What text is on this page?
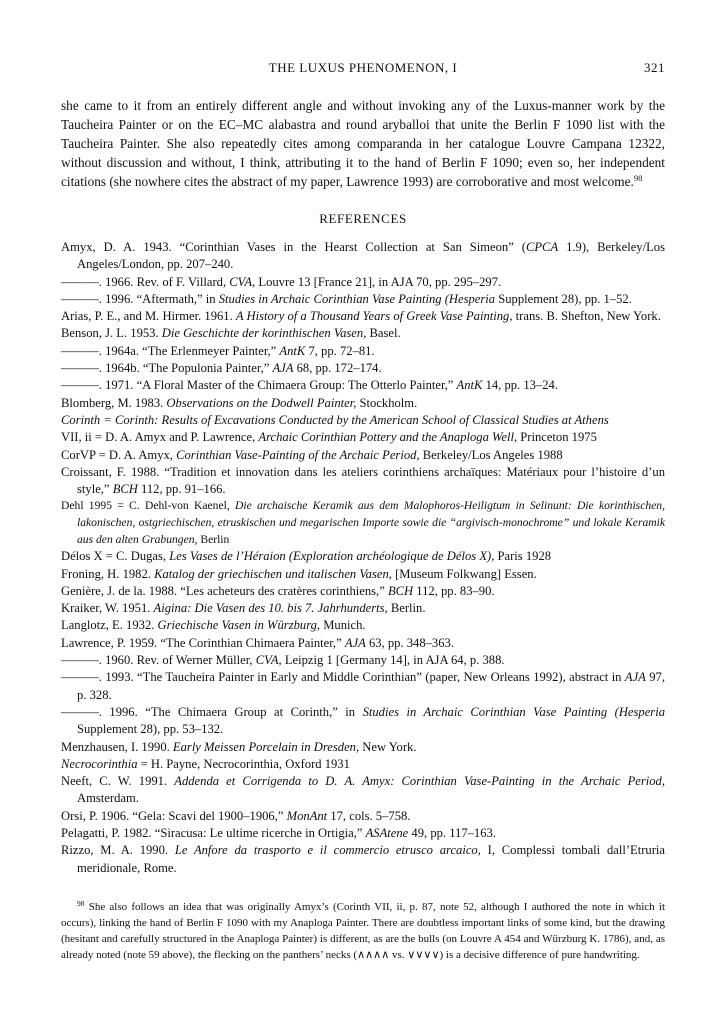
THE LUXUS PHENOMENON, I	321

she came to it from an entirely different angle and without invoking any of the Luxus-manner work by the Taucheira Painter or on the EC–MC alabastra and round aryballoi that unite the Berlin F 1090 list with the Taucheira Painter. She also repeatedly cites among comparanda in her catalogue Louvre Campana 12322, without discussion and without, I think, attributing it to the hand of Berlin F 1090; even so, her independent citations (she nowhere cites the abstract of my paper, Lawrence 1993) are corroborative and most welcome.$^{98}$

REFERENCES
Amyx, D. A. 1943. “Corinthian Vases in the Hearst Collection at San Simeon” (CPCA 1.9), Berkeley/Los Angeles/London, pp. 207–240.
———. 1966. Rev. of F. Villard, CVA, Louvre 13 [France 21], in AJA 70, pp. 295–297.
———. 1996. “Aftermath,” in Studies in Archaic Corinthian Vase Painting (Hesperia Supplement 28), pp. 1–52.
Arias, P. E., and M. Hirmer. 1961. A History of a Thousand Years of Greek Vase Painting, trans. B. Shefton, New York.
Benson, J. L. 1953. Die Geschichte der korinthischen Vasen, Basel.
———. 1964a. “The Erlenmeyer Painter,” AntK 7, pp. 72–81.
———. 1964b. “The Populonia Painter,” AJA 68, pp. 172–174.
———. 1971. “A Floral Master of the Chimaera Group: The Otterlo Painter,” AntK 14, pp. 13–24.
Blomberg, M. 1983. Observations on the Dodwell Painter, Stockholm.
Corinth = Corinth: Results of Excavations Conducted by the American School of Classical Studies at Athens
VII, ii = D. A. Amyx and P. Lawrence, Archaic Corinthian Pottery and the Anaploga Well, Princeton 1975
CorVP = D. A. Amyx, Corinthian Vase-Painting of the Archaic Period, Berkeley/Los Angeles 1988
Croissant, F. 1988. “Tradition et innovation dans les ateliers corinthiens archaïques: Matériaux pour l’histoire d’un style,” BCH 112, pp. 91–166.
Dehl 1995 = C. Dehl-von Kaenel, Die archaische Keramik aus dem Malophoros-Heiligtum in Selinunt: Die korinthischen, lakonischen, ostgriechischen, etruskischen und megarischen Importe sowie die “argivisch-monochrome” und lokale Keramik aus den alten Grabungen, Berlin
Délos X = C. Dugas, Les Vases de l’Héraion (Exploration archéologique de Délos X), Paris 1928
Froning, H. 1982. Katalog der griechischen und italischen Vasen, [Museum Folkwang] Essen.
Genière, J. de la. 1988. “Les acheteurs des cratères corinthiens,” BCH 112, pp. 83–90.
Kraiker, W. 1951. Aigina: Die Vasen des 10. bis 7. Jahrhunderts, Berlin.
Langlotz, E. 1932. Griechische Vasen in Würzburg, Munich.
Lawrence, P. 1959. “The Corinthian Chimaera Painter,” AJA 63, pp. 348–363.
———. 1960. Rev. of Werner Müller, CVA, Leipzig 1 [Germany 14], in AJA 64, p. 388.
———. 1993. “The Taucheira Painter in Early and Middle Corinthian” (paper, New Orleans 1992), abstract in AJA 97, p. 328.
———. 1996. “The Chimaera Group at Corinth,” in Studies in Archaic Corinthian Vase Painting (Hesperia Supplement 28), pp. 53–132.
Menzhausen, I. 1990. Early Meissen Porcelain in Dresden, New York.
Necrocorinthia = H. Payne, Necrocorinthia, Oxford 1931
Neeft, C. W. 1991. Addenda et Corrigenda to D. A. Amyx: Corinthian Vase-Painting in the Archaic Period, Amsterdam.
Orsi, P. 1906. “Gela: Scavi del 1900–1906,” MonAnt 17, cols. 5–758.
Pelagatti, P. 1982. “Siracusa: Le ultime ricerche in Ortigia,” ASAtene 49, pp. 117–163.
Rizzo, M. A. 1990. Le Anfore da trasporto e il commercio etrusco arcaico, I, Complessi tombali dall’Etruria meridionale, Rome.

$^{98}$ She also follows an idea that was originally Amyx’s (Corinth VII, ii, p. 87, note 52, although I authored the note in which it occurs), linking the hand of Berlin F 1090 with my Anaploga Painter. There are doubtless important links of some kind, but the drawing (hesitant and carefully structured in the Anaploga Painter) is different, as are the bulls (on Louvre A 454 and Würzburg K. 1786), and, as already noted (note 59 above), the flecking on the panthers’ necks (∧∧∧∧ vs. ∨∨∨∨) is a decisive difference of pure handwriting.
